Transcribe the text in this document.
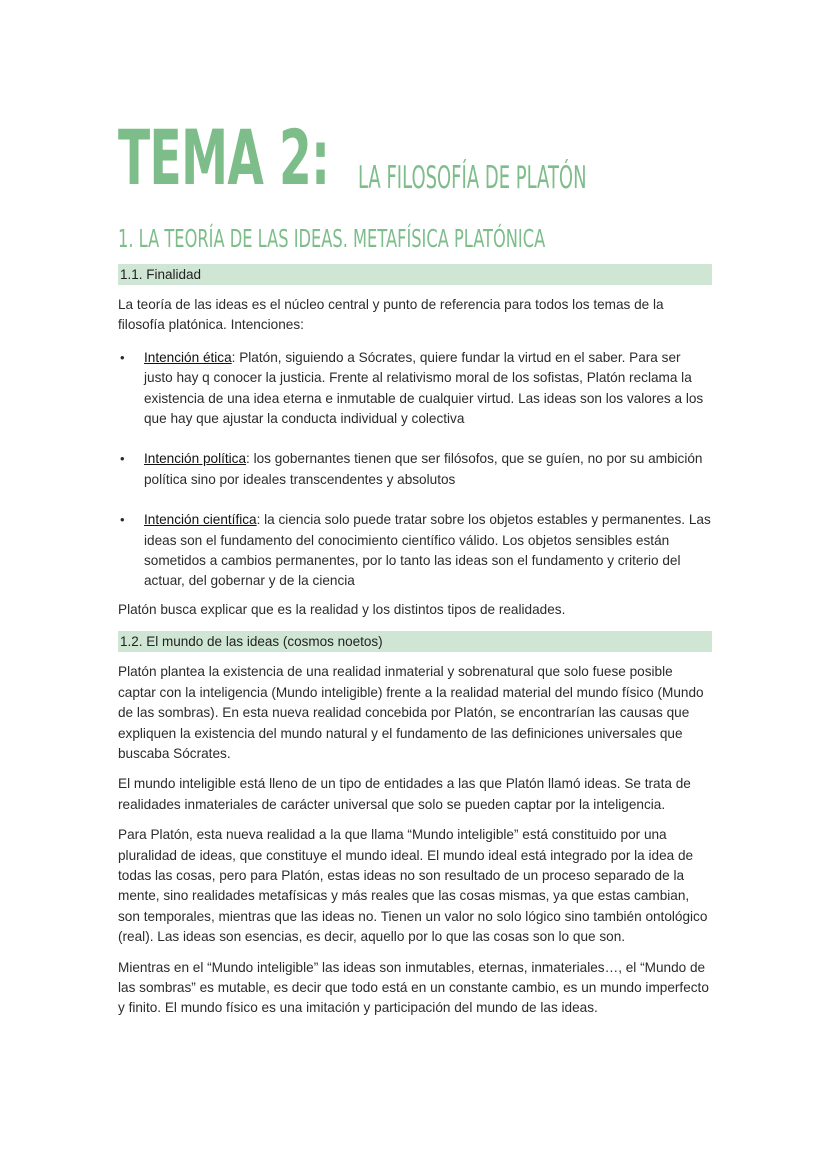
TEMA 2: LA FILOSOFÍA DE PLATÓN
1. LA TEORÍA DE LAS IDEAS. METAFÍSICA PLATÓNICA
1.1. Finalidad

La teoría de las ideas es el núcleo central y punto de referencia para todos los temas de la filosofía platónica. Intenciones:

• Intención ética: Platón, siguiendo a Sócrates, quiere fundar la virtud en el saber. Para ser justo hay q conocer la justicia. Frente al relativismo moral de los sofistas, Platón reclama la existencia de una idea eterna e inmutable de cualquier virtud. Las ideas son los valores a los que hay que ajustar la conducta individual y colectiva
• Intención política: los gobernantes tienen que ser filósofos, que se guíen, no por su ambición política sino por ideales transcendentes y absolutos
• Intención científica: la ciencia solo puede tratar sobre los objetos estables y permanentes. Las ideas son el fundamento del conocimiento científico válido. Los objetos sensibles están sometidos a cambios permanentes, por lo tanto las ideas son el fundamento y criterio del actuar, del gobernar y de la ciencia

Platón busca explicar que es la realidad y los distintos tipos de realidades.

1.2. El mundo de las ideas (cosmos noetos)

Platón plantea la existencia de una realidad inmaterial y sobrenatural que solo fuese posible captar con la inteligencia (Mundo inteligible) frente a la realidad material del mundo físico (Mundo de las sombras). En esta nueva realidad concebida por Platón, se encontrarían las causas que expliquen la existencia del mundo natural y el fundamento de las definiciones universales que buscaba Sócrates.

El mundo inteligible está lleno de un tipo de entidades a las que Platón llamó ideas. Se trata de realidades inmateriales de carácter universal que solo se pueden captar por la inteligencia.

Para Platón, esta nueva realidad a la que llama “Mundo inteligible” está constituido por una pluralidad de ideas, que constituye el mundo ideal. El mundo ideal está integrado por la idea de todas las cosas, pero para Platón, estas ideas no son resultado de un proceso separado de la mente, sino realidades metafísicas y más reales que las cosas mismas, ya que estas cambian, son temporales, mientras que las ideas no. Tienen un valor no solo lógico sino también ontológico (real). Las ideas son esencias, es decir, aquello por lo que las cosas son lo que son.

Mientras en el “Mundo inteligible” las ideas son inmutables, eternas, inmateriales…, el “Mundo de las sombras” es mutable, es decir que todo está en un constante cambio, es un mundo imperfecto y finito. El mundo físico es una imitación y participación del mundo de las ideas.
